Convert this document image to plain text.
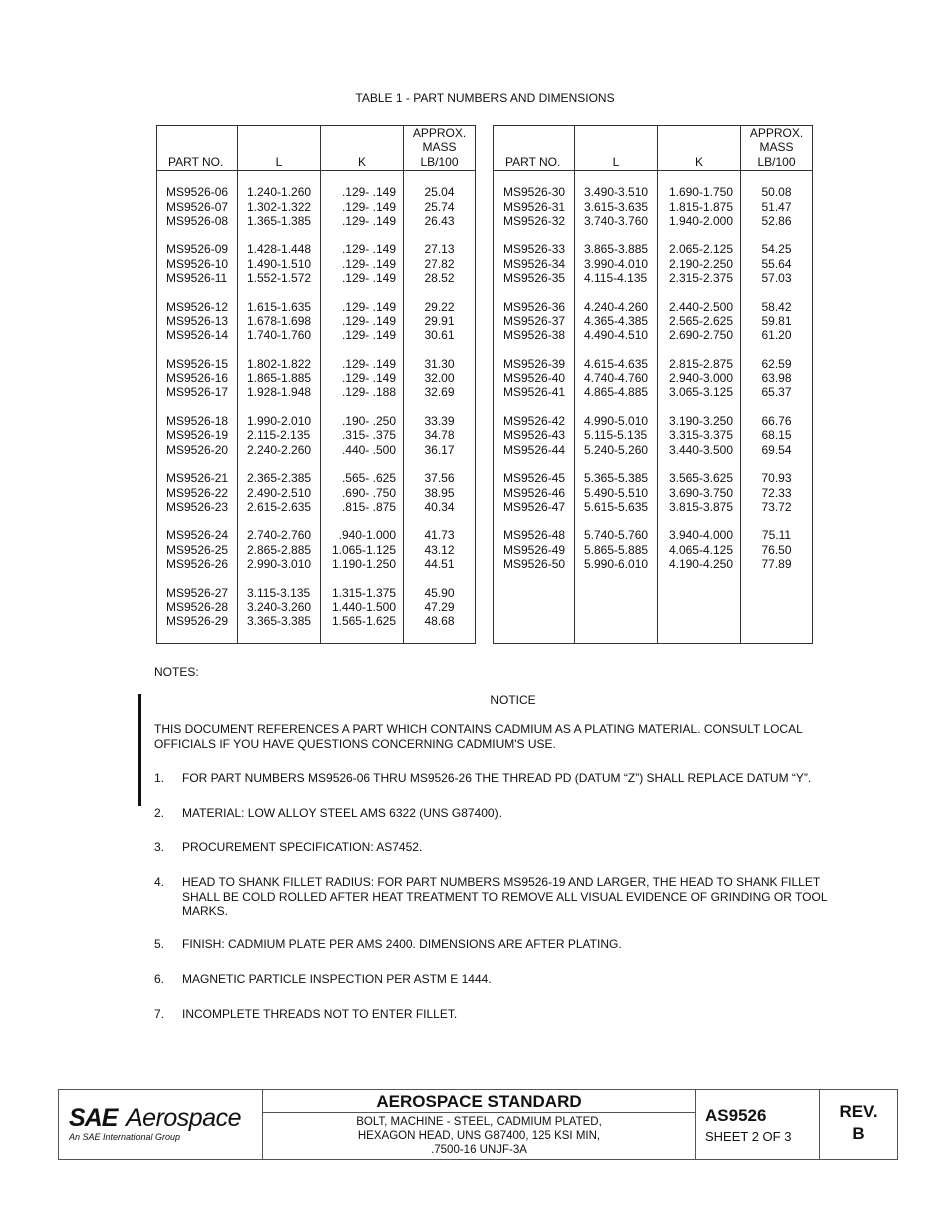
TABLE 1 - PART NUMBERS AND DIMENSIONS
PART NO.	L	K	APPROX.
MASS
LB/100

MS9526-06	1.240-1.260	.129- .149	25.04
MS9526-07	1.302-1.322	.129- .149	25.74
MS9526-08	1.365-1.385	.129- .149	26.43

MS9526-09	1.428-1.448	.129- .149	27.13
MS9526-10	1.490-1.510	.129- .149	27.82
MS9526-11	1.552-1.572	.129- .149	28.52

MS9526-12	1.615-1.635	.129- .149	29.22
MS9526-13	1.678-1.698	.129- .149	29.91
MS9526-14	1.740-1.760	.129- .149	30.61

MS9526-15	1.802-1.822	.129- .149	31.30
MS9526-16	1.865-1.885	.129- .149	32.00
MS9526-17	1.928-1.948	.129- .188	32.69

MS9526-18	1.990-2.010	.190- .250	33.39
MS9526-19	2.115-2.135	.315- .375	34.78
MS9526-20	2.240-2.260	.440- .500	36.17

MS9526-21	2.365-2.385	.565- .625	37.56
MS9526-22	2.490-2.510	.690- .750	38.95
MS9526-23	2.615-2.635	.815- .875	40.34

MS9526-24	2.740-2.760	.940-1.000	41.73
MS9526-25	2.865-2.885	1.065-1.125	43.12
MS9526-26	2.990-3.010	1.190-1.250	44.51

MS9526-27	3.115-3.135	1.315-1.375	45.90
MS9526-28	3.240-3.260	1.440-1.500	47.29
MS9526-29	3.365-3.385	1.565-1.625	48.68

PART NO.	L	K	APPROX.
MASS
LB/100

MS9526-30	3.490-3.510	1.690-1.750	50.08
MS9526-31	3.615-3.635	1.815-1.875	51.47
MS9526-32	3.740-3.760	1.940-2.000	52.86

MS9526-33	3.865-3.885	2.065-2.125	54.25
MS9526-34	3.990-4.010	2.190-2.250	55.64
MS9526-35	4.115-4.135	2.315-2.375	57.03

MS9526-36	4.240-4.260	2.440-2.500	58.42
MS9526-37	4.365-4.385	2.565-2.625	59.81
MS9526-38	4.490-4.510	2.690-2.750	61.20

MS9526-39	4.615-4.635	2.815-2.875	62.59
MS9526-40	4.740-4.760	2.940-3.000	63.98
MS9526-41	4.865-4.885	3.065-3.125	65.37

MS9526-42	4.990-5.010	3.190-3.250	66.76
MS9526-43	5.115-5.135	3.315-3.375	68.15
MS9526-44	5.240-5.260	3.440-3.500	69.54

MS9526-45	5.365-5.385	3.565-3.625	70.93
MS9526-46	5.490-5.510	3.690-3.750	72.33
MS9526-47	5.615-5.635	3.815-3.875	73.72

MS9526-48	5.740-5.760	3.940-4.000	75.11
MS9526-49	5.865-5.885	4.065-4.125	76.50
MS9526-50	5.990-6.010	4.190-4.250	77.89

NOTES:
NOTICE
THIS DOCUMENT REFERENCES A PART WHICH CONTAINS CADMIUM AS A PLATING MATERIAL. CONSULT LOCAL OFFICIALS IF YOU HAVE QUESTIONS CONCERNING CADMIUM'S USE.
1. FOR PART NUMBERS MS9526-06 THRU MS9526-26 THE THREAD PD (DATUM “Z”) SHALL REPLACE DATUM “Y”.
2. MATERIAL: LOW ALLOY STEEL AMS 6322 (UNS G87400).
3. PROCUREMENT SPECIFICATION: AS7452.
4. HEAD TO SHANK FILLET RADIUS: FOR PART NUMBERS MS9526-19 AND LARGER, THE HEAD TO SHANK FILLET SHALL BE COLD ROLLED AFTER HEAT TREATMENT TO REMOVE ALL VISUAL EVIDENCE OF GRINDING OR TOOL MARKS.
5. FINISH: CADMIUM PLATE PER AMS 2400. DIMENSIONS ARE AFTER PLATING.
6. MAGNETIC PARTICLE INSPECTION PER ASTM E 1444.
7. INCOMPLETE THREADS NOT TO ENTER FILLET.
SAE Aerospace
An SAE International Group
AEROSPACE STANDARD
BOLT, MACHINE - STEEL, CADMIUM PLATED,
HEXAGON HEAD, UNS G87400, 125 KSI MIN,
.7500-16 UNJF-3A
AS9526
SHEET 2 OF 3
REV.
B
